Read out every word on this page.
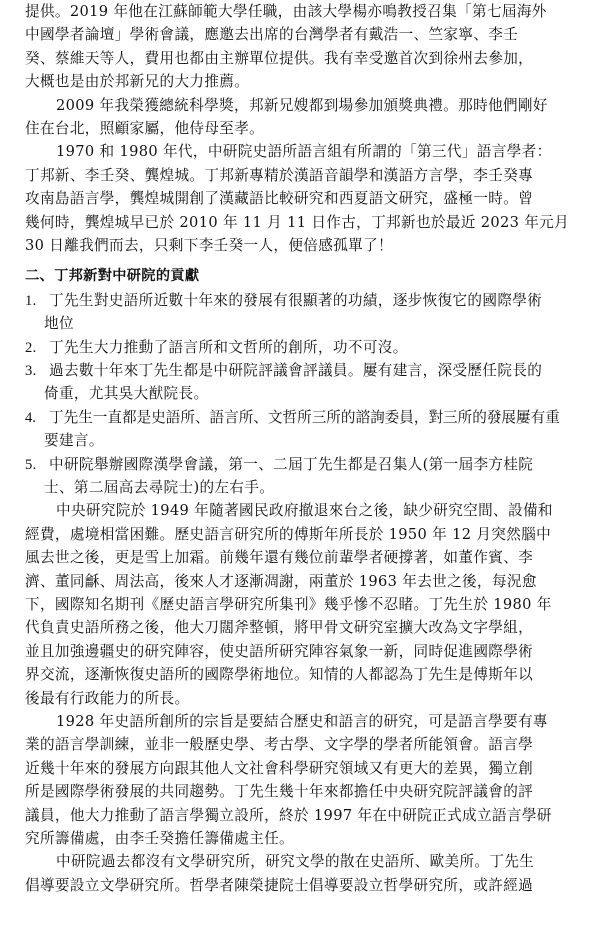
提供。2019 年他在江蘇師範大學任職，由該大學楊亦鳴教授召集「第七屆海外
中國學者論壇」學術會議，應邀去出席的台灣學者有戴浩一、竺家寧、李壬
癸、蔡維天等人，費用也都由主辦單位提供。我有幸受邀首次到徐州去參加，
大概也是由於邦新兄的大力推薦。
2009 年我榮獲總統科學獎，邦新兄嫂都到場參加頒獎典禮。那時他們剛好
住在台北，照顧家屬，他侍母至孝。
1970 和 1980 年代，中研院史語所語言組有所謂的「第三代」語言學者：
丁邦新、李壬癸、龔煌城。丁邦新專精於漢語音韻學和漢語方言學，李壬癸專
攻南島語言學，龔煌城開創了漢藏語比較研究和西夏語文研究，盛極一時。曾
幾何時，龔煌城早已於 2010 年 11 月 11 日作古，丁邦新也於最近 2023 年元月
30 日離我們而去，只剩下李壬癸一人，便倍感孤單了！
二、丁邦新對中研院的貢獻
1. 丁先生對史語所近數十年來的發展有很顯著的功績，逐步恢復它的國際學術
地位
2. 丁先生大力推動了語言所和文哲所的創所，功不可沒。
3. 過去數十年來丁先生都是中研院評議會評議員。屢有建言，深受歷任院長的
倚重，尤其吳大猷院長。
4. 丁先生一直都是史語所、語言所、文哲所三所的諮詢委員，對三所的發展屢有重
要建言。
5. 中研院舉辦國際漢學會議，第一、二屆丁先生都是召集人(第一屆李方桂院
士、第二屆高去尋院士)的左右手。
中央研究院於 1949 年隨著國民政府撤退來台之後，缺少研究空間、設備和
經費，處境相當困難。歷史語言研究所的傅斯年所長於 1950 年 12 月突然腦中
風去世之後，更是雪上加霜。前幾年還有幾位前輩學者硬撐著，如董作賓、李
濟、董同龢、周法高，後來人才逐漸凋謝，兩董於 1963 年去世之後，每況愈
下，國際知名期刊《歷史語言學研究所集刊》幾乎慘不忍睹。丁先生於 1980 年
代負責史語所務之後，他大刀闊斧整頓，將甲骨文研究室擴大改為文字學組，
並且加強邊疆史的研究陣容，使史語所研究陣容氣象一新，同時促進國際學術
界交流，逐漸恢復史語所的國際學術地位。知情的人都認為丁先生是傅斯年以
後最有行政能力的所長。
1928 年史語所創所的宗旨是要結合歷史和語言的研究，可是語言學要有專
業的語言學訓練，並非一般歷史學、考古學、文字學的學者所能領會。語言學
近幾十年來的發展方向跟其他人文社會科學研究領域又有更大的差異，獨立創
所是國際學術發展的共同趨勢。丁先生幾十年來都擔任中央研究院評議會的評
議員，他大力推動了語言學獨立設所，終於 1997 年在中研院正式成立語言學研
究所籌備處，由李壬癸擔任籌備處主任。
中研院過去都沒有文學研究所，研究文學的散在史語所、歐美所。丁先生
倡導要設立文學研究所。哲學者陳榮捷院士倡導要設立哲學研究所，或許經過
